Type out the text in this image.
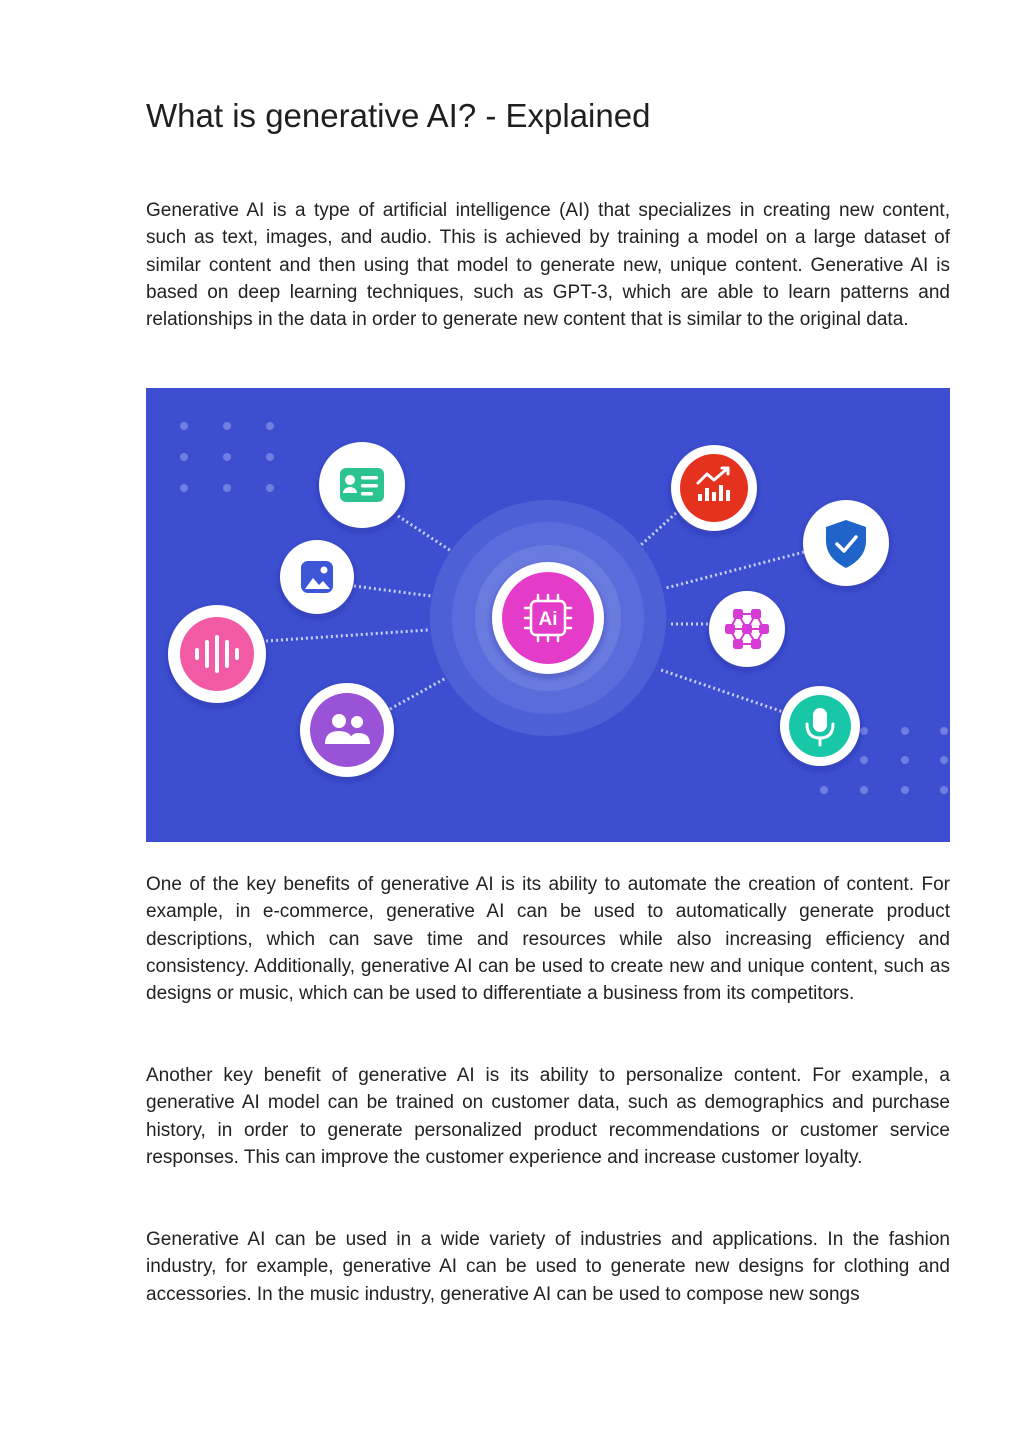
What is generative AI? - Explained

Generative AI is a type of artificial intelligence (AI) that specializes in creating new content, such as text, images, and audio. This is achieved by training a model on a large dataset of similar content and then using that model to generate new, unique content. Generative AI is based on deep learning techniques, such as GPT-3, which are able to learn patterns and relationships in the data in order to generate new content that is similar to the original data.

Ai

One of the key benefits of generative AI is its ability to automate the creation of content. For example, in e-commerce, generative AI can be used to automatically generate product descriptions, which can save time and resources while also increasing efficiency and consistency. Additionally, generative AI can be used to create new and unique content, such as designs or music, which can be used to differentiate a business from its competitors.

Another key benefit of generative AI is its ability to personalize content. For example, a generative AI model can be trained on customer data, such as demographics and purchase history, in order to generate personalized product recommendations or customer service responses. This can improve the customer experience and increase customer loyalty.

Generative AI can be used in a wide variety of industries and applications. In the fashion industry, for example, generative AI can be used to generate new designs for clothing and accessories. In the music industry, generative AI can be used to compose new songs
